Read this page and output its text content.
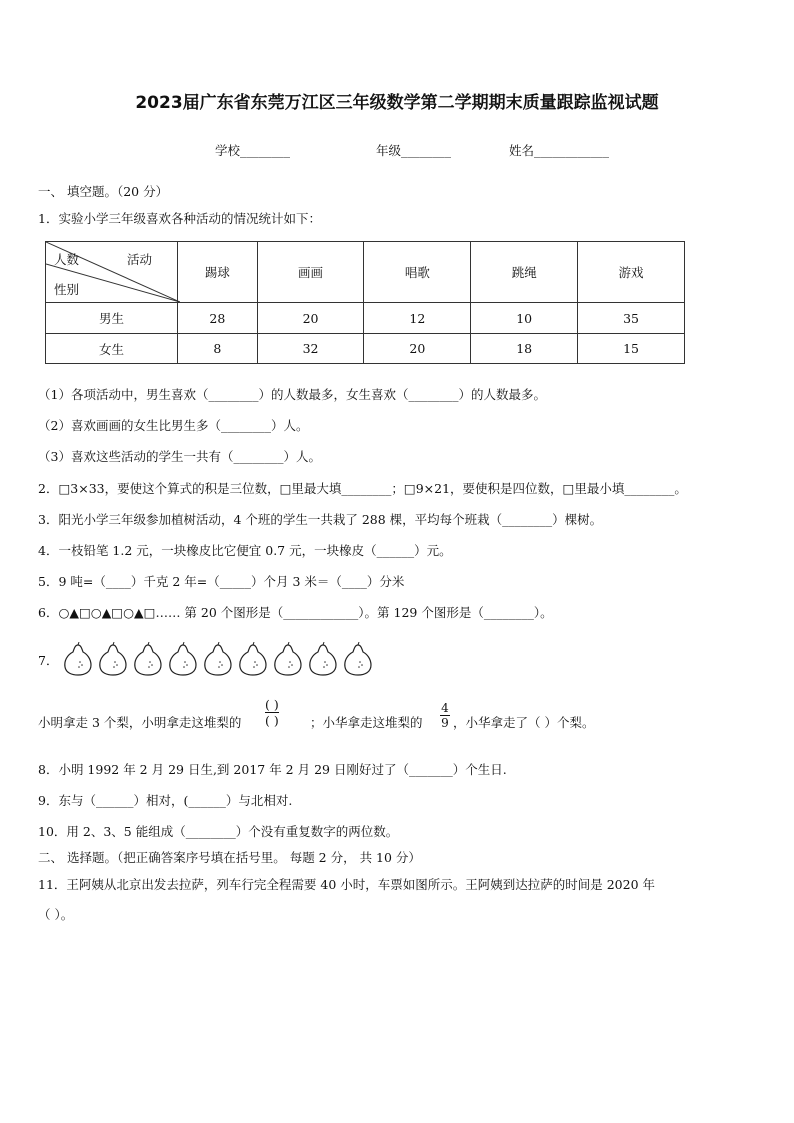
2023届广东省东莞万江区三年级数学第二学期期末质量跟踪监视试题
学校________	年级________	姓名____________
一、 填空题。（20 分）
1．实验小学三年级喜欢各种活动的情况统计如下：
人数 活动
性别	踢球	画画	唱歌	跳绳	游戏
男生	28	20	12	10	35
女生	8	32	20	18	15
（1）各项活动中，男生喜欢（________）的人数最多，女生喜欢（________）的人数最多。
（2）喜欢画画的女生比男生多（________）人。
（3）喜欢这些活动的学生一共有（________）人。
2．□3×33，要使这个算式的积是三位数，□里最大填________；□9×21，要使积是四位数，□里最小填________。
3．阳光小学三年级参加植树活动，4 个班的学生一共栽了 288 棵，平均每个班栽（________）棵树。
4．一枝铅笔 1.2 元，一块橡皮比它便宜 0.7 元，一块橡皮（______）元。
5．9 吨=（____）千克 2 年=（_____）个月 3 米＝（____）分米
6．○▲□○▲□○▲□…… 第 20 个图形是（____________）。第 129 个图形是（________）。
7．
小明拿走 3 个梨，小明拿走这堆梨的
( )
( )	；小华拿走这堆梨的 $\frac{4}{9}$ ，小华拿走了（ ）个梨。
8．小明 1992 年 2 月 29 日生,到 2017 年 2 月 29 日刚好过了（_______）个生日.
9．东与（______）相对，(______）与北相对.
10．用 2、3、5 能组成（________）个没有重复数字的两位数。
二、 选择题。（把正确答案序号填在括号里。 每题 2 分， 共 10 分）
11．王阿姨从北京出发去拉萨，列车行完全程需要 40 小时，车票如图所示。王阿姨到达拉萨的时间是 2020 年
（ ）。
